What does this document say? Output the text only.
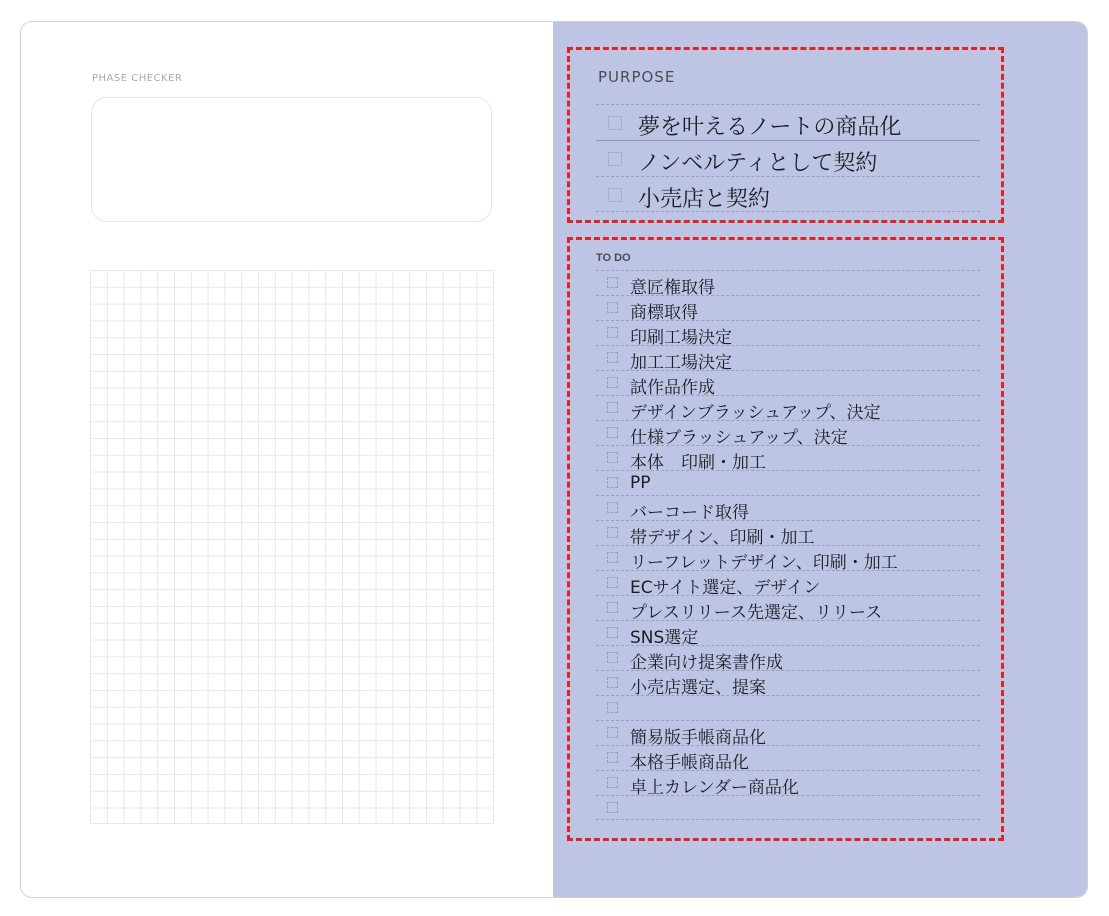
PHASE CHECKER	PURPOSE
夢を叶えるノートの商品化
ノンベルティとして契約
小売店と契約
TO DO
意匠権取得
商標取得
印刷工場決定
加工工場決定
試作品作成
デザインブラッシュアップ、決定
仕様ブラッシュアップ、決定
本体　印刷・加工
PP
バーコード取得
帯デザイン、印刷・加工
リーフレットデザイン、印刷・加工
ECサイト選定、デザイン
プレスリリース先選定、リリース
SNS選定
企業向け提案書作成
小売店選定、提案
簡易版手帳商品化
本格手帳商品化
卓上カレンダー商品化
